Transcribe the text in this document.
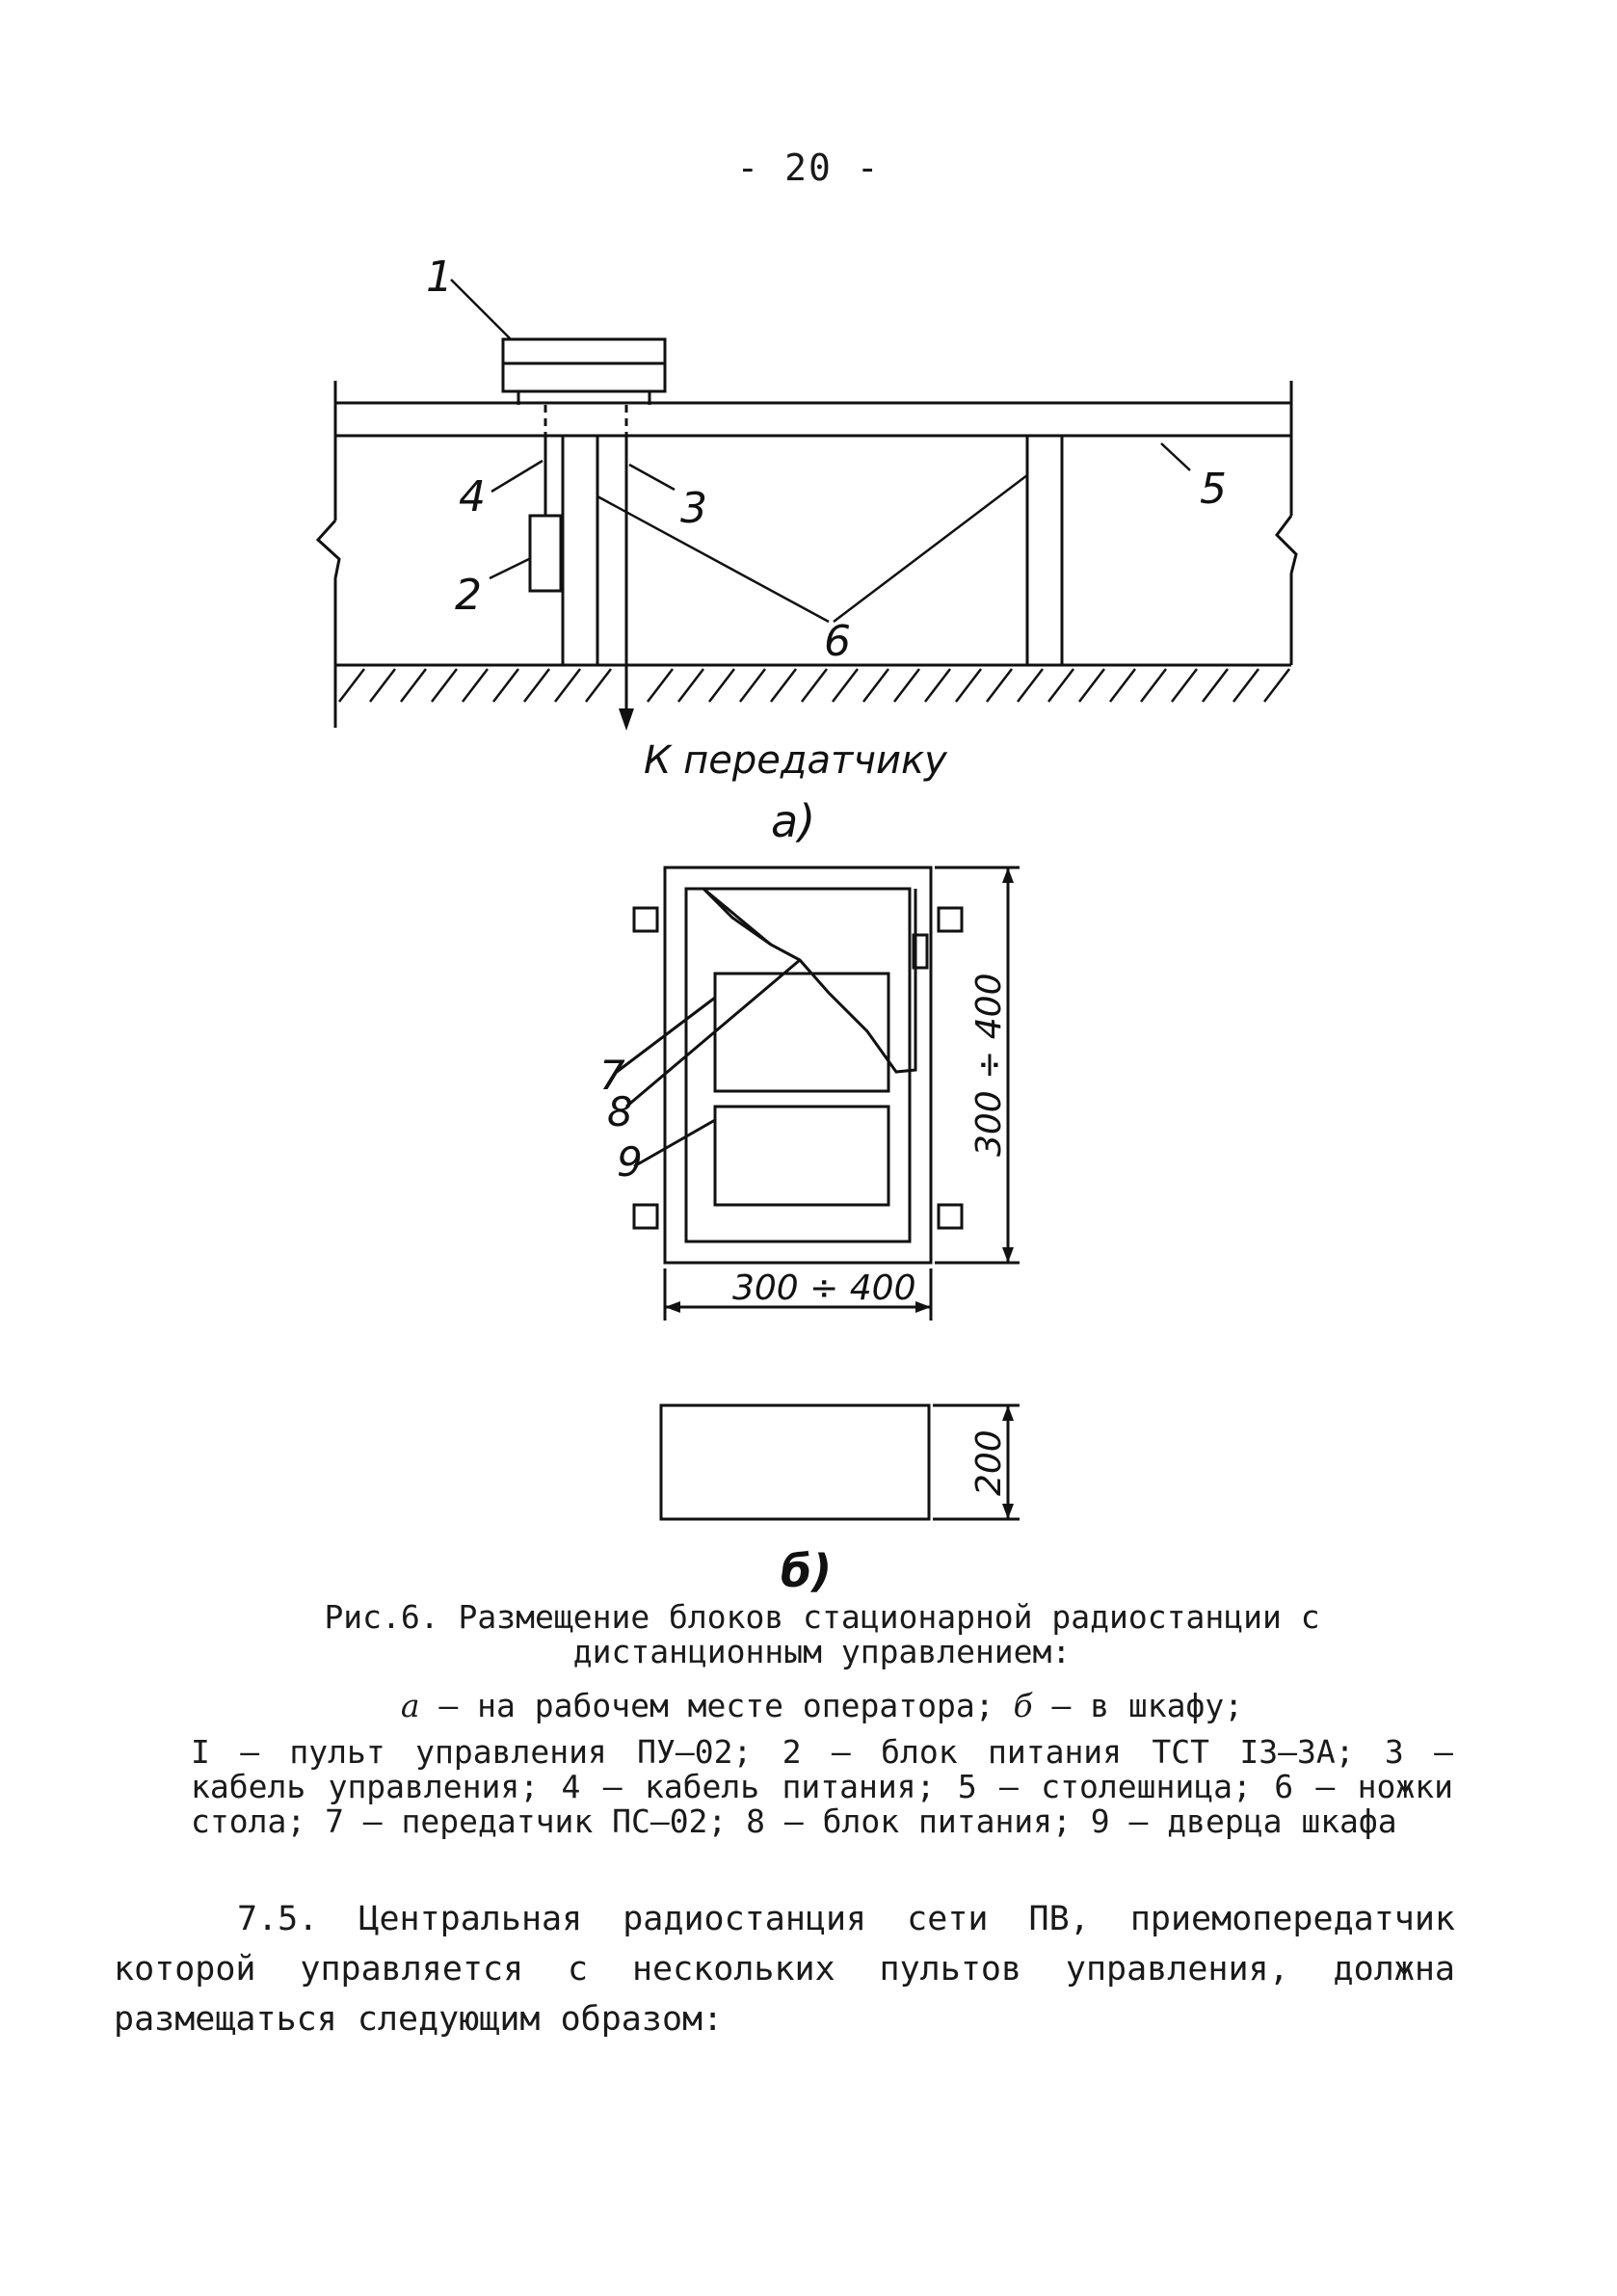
- 20 -
1
4
2
3
6
5
К передатчику
а)
7
8
9
300 ÷ 400
300 ÷ 400
200
б)
Рис.6. Размещение блоков стационарной радиостанции с дистанционным управлением:
а – на рабочем месте оператора; б – в шкафу;
I – пульт управления ПУ–02; 2 – блок питания ТСТ I3–3А; 3 – кабель управления; 4 – кабель питания; 5 – столешница; 6 – ножки стола; 7 – передатчик ПС–02; 8 – блок питания; 9 – дверца шкафа
7.5. Центральная радиостанция сети ПВ, приемопередатчик которой управляется с нескольких пультов управления, должна размещаться следующим образом:
